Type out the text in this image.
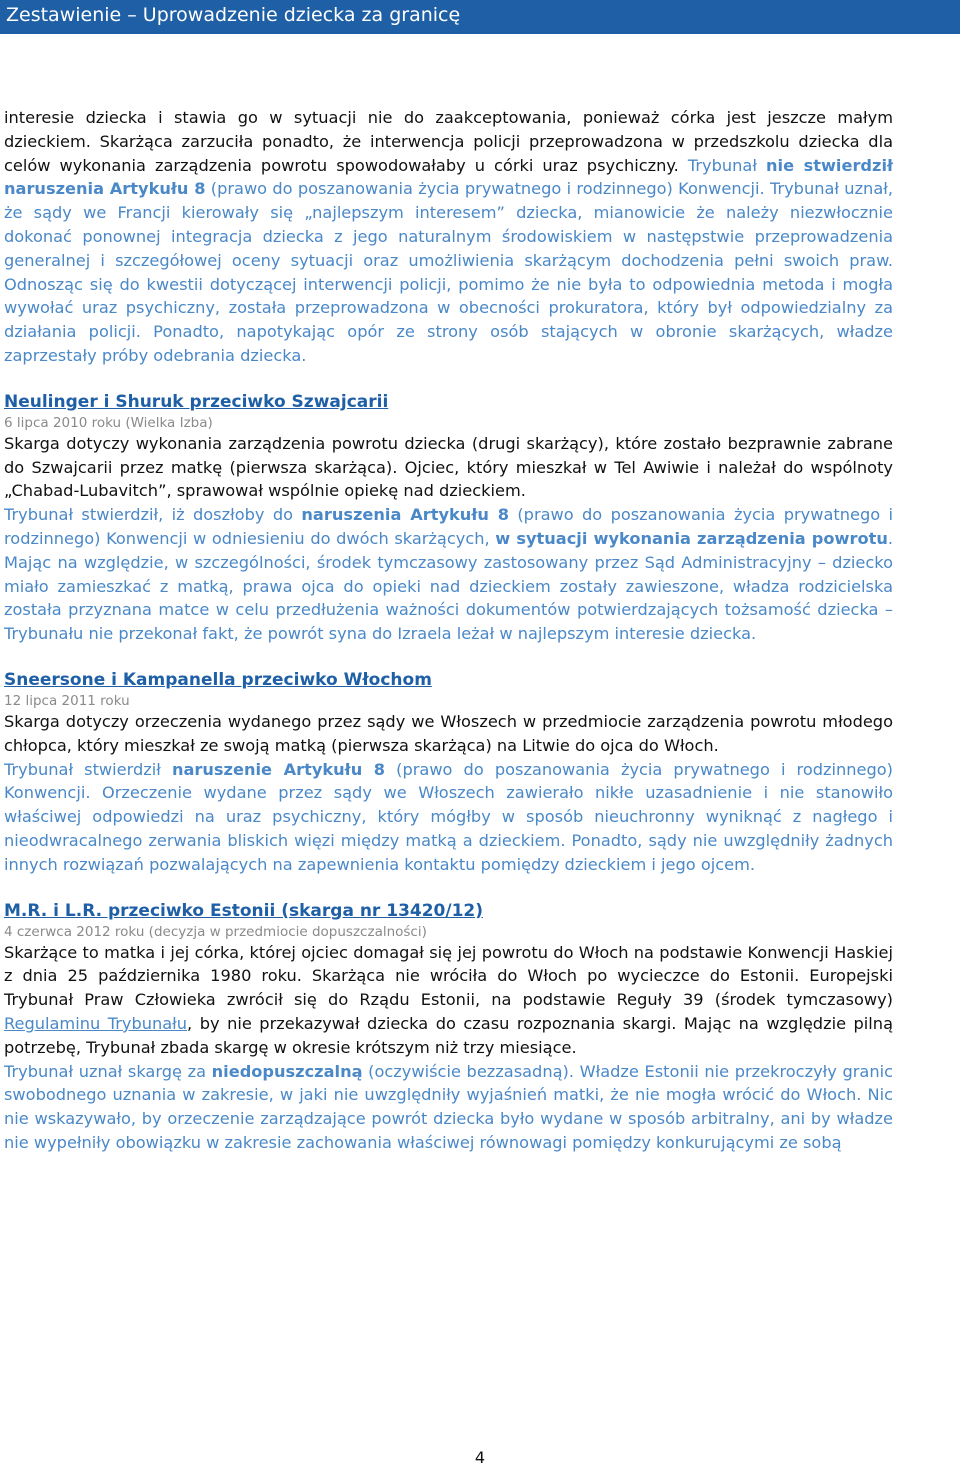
Zestawienie – Uprowadzenie dziecka za granicę

interesie dziecka i stawia go w sytuacji nie do zaakceptowania, ponieważ córka jest jeszcze małym dzieckiem. Skarżąca zarzuciła ponadto, że interwencja policji przeprowadzona w przedszkolu dziecka dla celów wykonania zarządzenia powrotu spowodowałaby u córki uraz psychiczny. Trybunał nie stwierdził naruszenia Artykułu 8 (prawo do poszanowania życia prywatnego i rodzinnego) Konwencji. Trybunał uznał, że sądy we Francji kierowały się „najlepszym interesem” dziecka, mianowicie że należy niezwłocznie dokonać ponownej integracja dziecka z jego naturalnym środowiskiem w następstwie przeprowadzenia generalnej i szczegółowej oceny sytuacji oraz umożliwienia skarżącym dochodzenia pełni swoich praw. Odnosząc się do kwestii dotyczącej interwencji policji, pomimo że nie była to odpowiednia metoda i mogła wywołać uraz psychiczny, została przeprowadzona w obecności prokuratora, który był odpowiedzialny za działania policji. Ponadto, napotykając opór ze strony osób stających w obronie skarżących, władze zaprzestały próby odebrania dziecka.

Neulinger i Shuruk przeciwko Szwajcarii
6 lipca 2010 roku (Wielka Izba)

Skarga dotyczy wykonania zarządzenia powrotu dziecka (drugi skarżący), które zostało bezprawnie zabrane do Szwajcarii przez matkę (pierwsza skarżąca). Ojciec, który mieszkał w Tel Awiwie i należał do wspólnoty „Chabad-Lubavitch”, sprawował wspólnie opiekę nad dzieckiem.

Trybunał stwierdził, iż doszłoby do naruszenia Artykułu 8 (prawo do poszanowania życia prywatnego i rodzinnego) Konwencji w odniesieniu do dwóch skarżących, w sytuacji wykonania zarządzenia powrotu. Mając na względzie, w szczególności, środek tymczasowy zastosowany przez Sąd Administracyjny – dziecko miało zamieszkać z matką, prawa ojca do opieki nad dzieckiem zostały zawieszone, władza rodzicielska została przyznana matce w celu przedłużenia ważności dokumentów potwierdzających tożsamość dziecka – Trybunału nie przekonał fakt, że powrót syna do Izraela leżał w najlepszym interesie dziecka.

Sneersone i Kampanella przeciwko Włochom
12 lipca 2011 roku

Skarga dotyczy orzeczenia wydanego przez sądy we Włoszech w przedmiocie zarządzenia powrotu młodego chłopca, który mieszkał ze swoją matką (pierwsza skarżąca) na Litwie do ojca do Włoch.

Trybunał stwierdził naruszenie Artykułu 8 (prawo do poszanowania życia prywatnego i rodzinnego) Konwencji. Orzeczenie wydane przez sądy we Włoszech zawierało nikłe uzasadnienie i nie stanowiło właściwej odpowiedzi na uraz psychiczny, który mógłby w sposób nieuchronny wyniknąć z nagłego i nieodwracalnego zerwania bliskich więzi między matką a dzieckiem. Ponadto, sądy nie uwzględniły żadnych innych rozwiązań pozwalających na zapewnienia kontaktu pomiędzy dzieckiem i jego ojcem.

M.R. i L.R. przeciwko Estonii (skarga nr 13420/12)
4 czerwca 2012 roku (decyzja w przedmiocie dopuszczalności)

Skarżące to matka i jej córka, której ojciec domagał się jej powrotu do Włoch na podstawie Konwencji Haskiej z dnia 25 października 1980 roku. Skarżąca nie wróciła do Włoch po wycieczce do Estonii. Europejski Trybunał Praw Człowieka zwrócił się do Rządu Estonii, na podstawie Reguły 39 (środek tymczasowy) Regulaminu Trybunału, by nie przekazywał dziecka do czasu rozpoznania skargi. Mając na względzie pilną potrzebę, Trybunał zbada skargę w okresie krótszym niż trzy miesiące.

Trybunał uznał skargę za niedopuszczalną (oczywiście bezzasadną). Władze Estonii nie przekroczyły granic swobodnego uznania w zakresie, w jaki nie uwzględniły wyjaśnień matki, że nie mogła wrócić do Włoch. Nic nie wskazywało, by orzeczenie zarządzające powrót dziecka było wydane w sposób arbitralny, ani by władze nie wypełniły obowiązku w zakresie zachowania właściwej równowagi pomiędzy konkurującymi ze sobą

4
